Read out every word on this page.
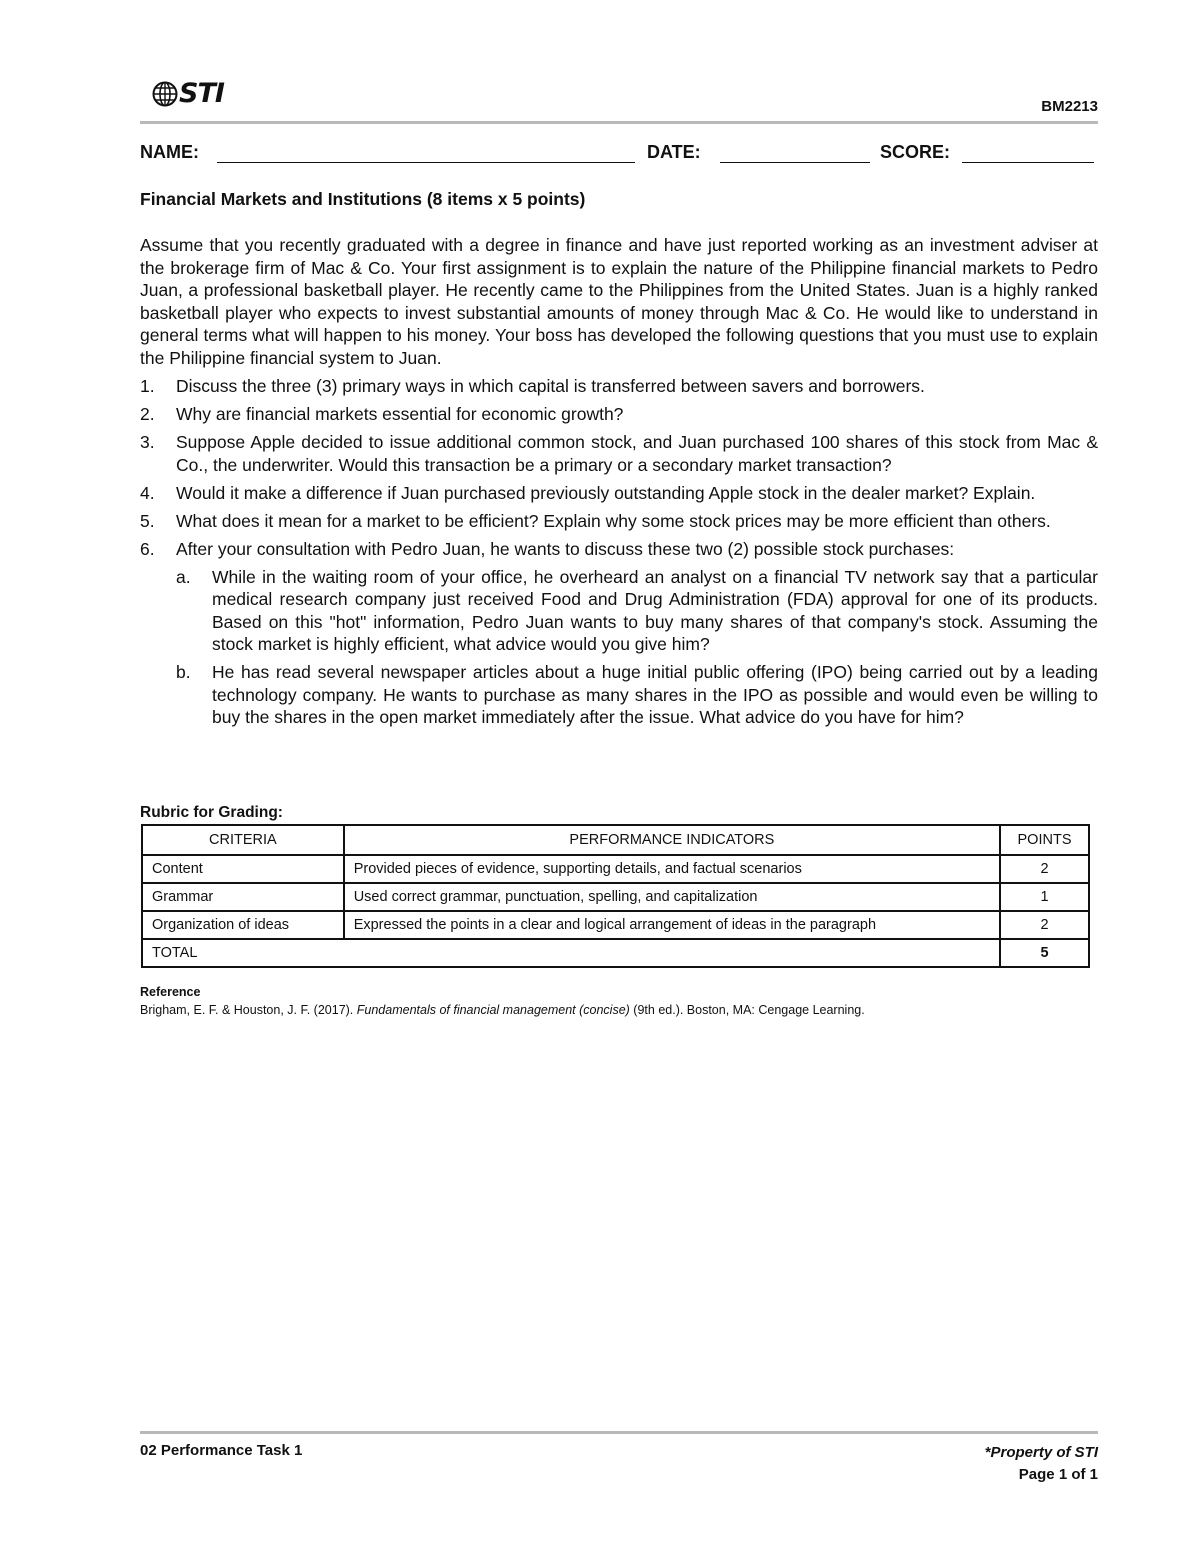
STI	BM2213
NAME:	DATE:	SCORE:
Financial Markets and Institutions (8 items x 5 points)
Assume that you recently graduated with a degree in finance and have just reported working as an investment adviser at the brokerage firm of Mac & Co. Your first assignment is to explain the nature of the Philippine financial markets to Pedro Juan, a professional basketball player. He recently came to the Philippines from the United States. Juan is a highly ranked basketball player who expects to invest substantial amounts of money through Mac & Co. He would like to understand in general terms what will happen to his money. Your boss has developed the following questions that you must use to explain the Philippine financial system to Juan.
1. Discuss the three (3) primary ways in which capital is transferred between savers and borrowers.
2. Why are financial markets essential for economic growth?
3. Suppose Apple decided to issue additional common stock, and Juan purchased 100 shares of this stock from Mac & Co., the underwriter. Would this transaction be a primary or a secondary market transaction?
4. Would it make a difference if Juan purchased previously outstanding Apple stock in the dealer market? Explain.
5. What does it mean for a market to be efficient? Explain why some stock prices may be more efficient than others.
6. After your consultation with Pedro Juan, he wants to discuss these two (2) possible stock purchases:
a. While in the waiting room of your office, he overheard an analyst on a financial TV network say that a particular medical research company just received Food and Drug Administration (FDA) approval for one of its products. Based on this "hot" information, Pedro Juan wants to buy many shares of that company's stock. Assuming the stock market is highly efficient, what advice would you give him?
b. He has read several newspaper articles about a huge initial public offering (IPO) being carried out by a leading technology company. He wants to purchase as many shares in the IPO as possible and would even be willing to buy the shares in the open market immediately after the issue. What advice do you have for him?
Rubric for Grading:
CRITERIA	PERFORMANCE INDICATORS	POINTS
Content	Provided pieces of evidence, supporting details, and factual scenarios	2
Grammar	Used correct grammar, punctuation, spelling, and capitalization	1
Organization of ideas	Expressed the points in a clear and logical arrangement of ideas in the paragraph	2
TOTAL		5
Reference
Brigham, E. F. & Houston, J. F. (2017). Fundamentals of financial management (concise) (9th ed.). Boston, MA: Cengage Learning.
02 Performance Task 1	*Property of STI
Page 1 of 1
